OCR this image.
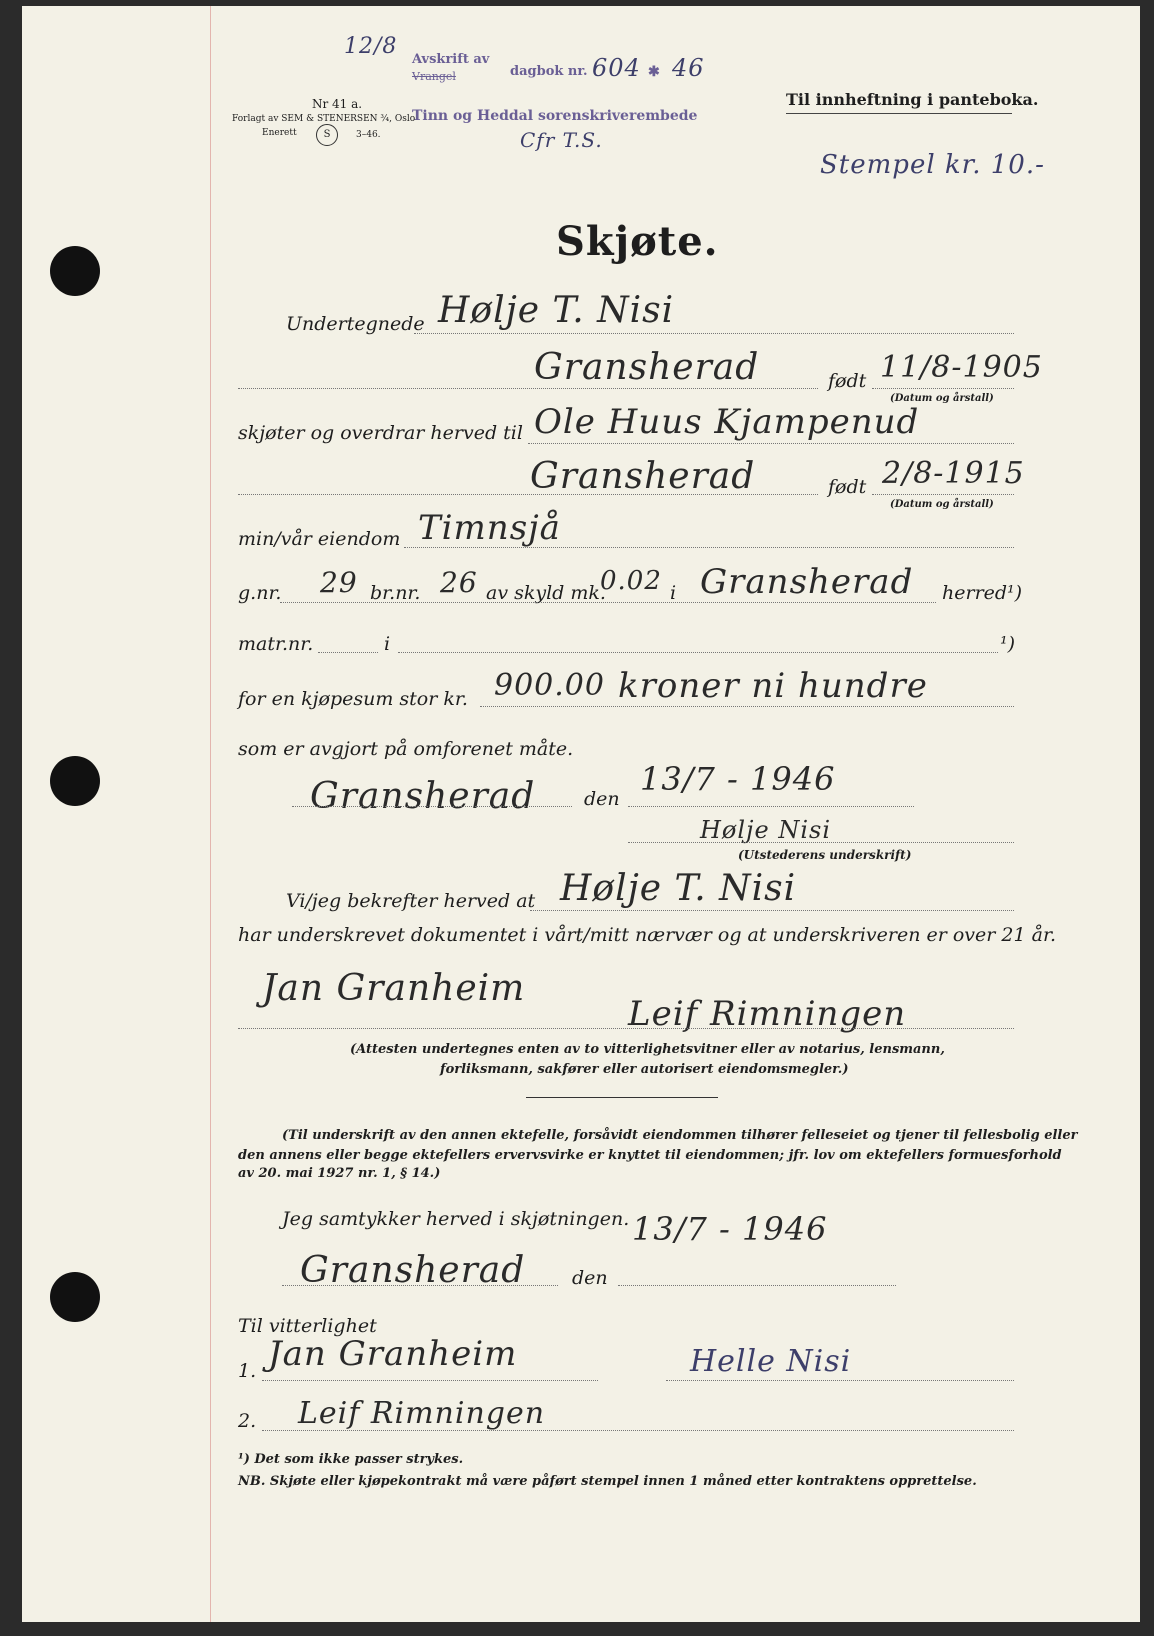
12/8
Avskrift av
Vrangel	dagbok nr. 604 ✱ 46
Tinn og Heddal sorenskriverembede
Cfr T.S.
Nr 41 a.
Forlagt av SEM & STENERSEN ¾, Oslo
Enerett	S	3–46.
Til innheftning i panteboka.
Stempel kr. 10.-
Skjøte.
Undertegnede Hølje T. Nisi
Gransherad	født 11/8-1905
(Datum og årstall)
skjøter og overdrar herved til Ole Huus Kjampenud
Gransherad	født 2/8-1915
(Datum og årstall)
min/vår eiendom Timnsjå
g.nr. 29 br.nr. 26 av skyld mk.
0.02 i Gransherad herred¹)
matr.nr.	i	¹)
for en kjøpesum stor kr. 900.00 kroner ni hundre
som er avgjort på omforenet måte.
Gransherad	den
13/7 - 1946
Hølje Nisi
(Utstederens underskrift)
Vi/jeg bekrefter herved at Hølje T. Nisi
har underskrevet dokumentet i vårt/mitt nærvær og at underskriveren er over 21 år.
Jan Granheim
Leif Rimningen
(Attesten undertegnes enten av to vitterlighetsvitner eller av notarius, lensmann,
forliksmann, sakfører eller autorisert eiendomsmegler.)
(Til underskrift av den annen ektefelle, forsåvidt eiendommen tilhører felleseiet og tjener til fellesbolig eller
den annens eller begge ektefellers ervervsvirke er knyttet til eiendommen; jfr. lov om ektefellers formuesforhold
av 20. mai 1927 nr. 1, § 14.)
Jeg samtykker herved i skjøtningen.
Gransherad den
13/7 - 1946
Til vitterlighet
1. Jan Granheim	Helle Nisi
2. Leif Rimningen
¹) Det som ikke passer strykes.
NB. Skjøte eller kjøpekontrakt må være påført stempel innen 1 måned etter kontraktens opprettelse.
